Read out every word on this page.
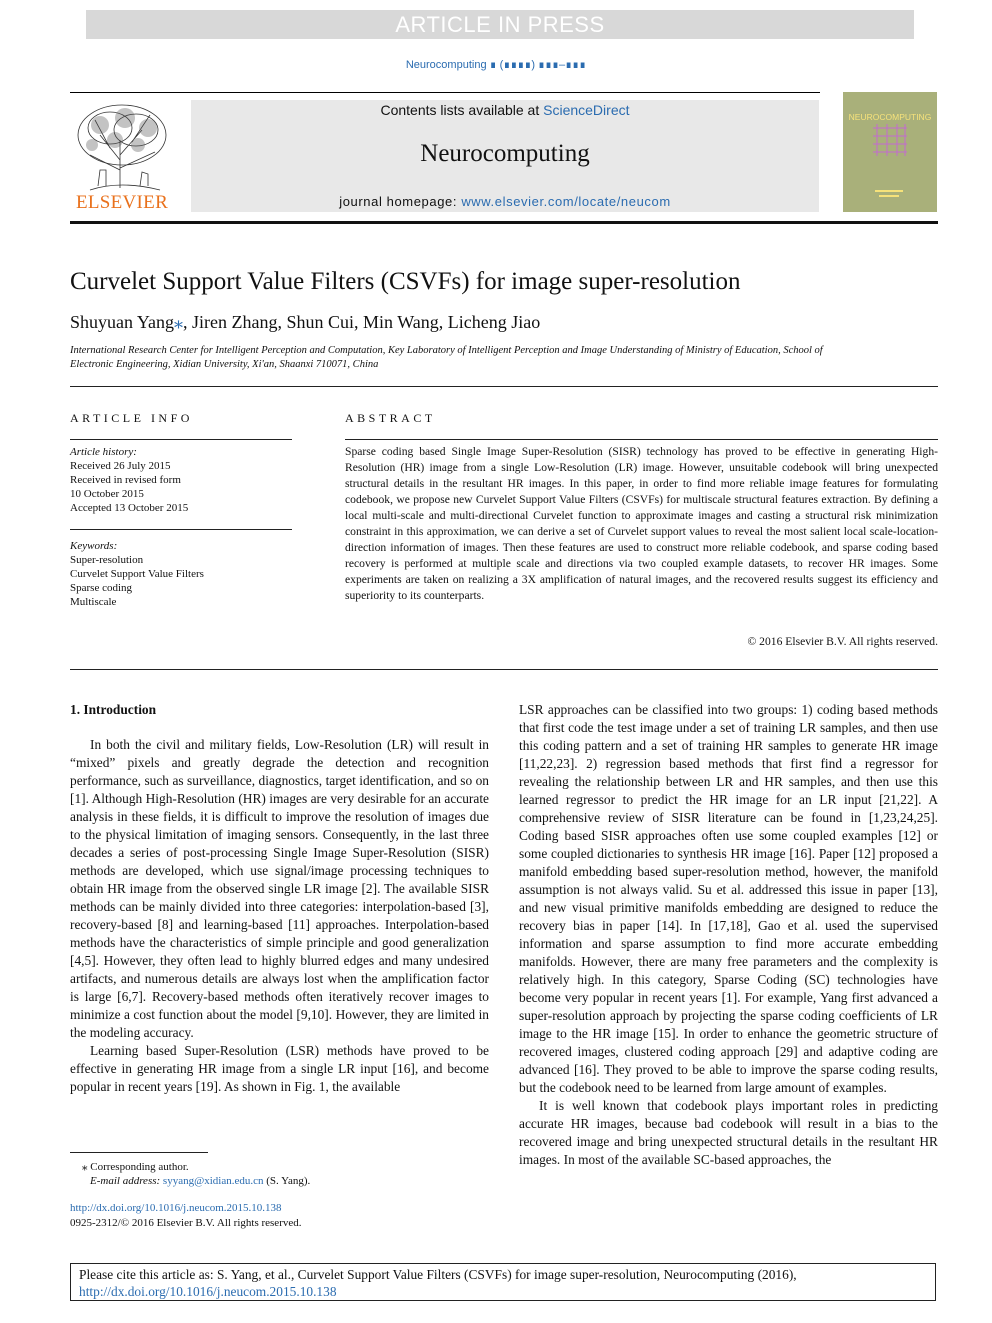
ARTICLE IN PRESS
Neurocomputing ∎ (∎∎∎∎) ∎∎∎–∎∎∎
ELSEVIER
Contents lists available at ScienceDirect
Neurocomputing
journal homepage: www.elsevier.com/locate/neucom
NEUROCOMPUTING
Curvelet Support Value Filters (CSVFs) for image super-resolution
Shuyuan Yang⁎, Jiren Zhang, Shun Cui, Min Wang, Licheng Jiao
International Research Center for Intelligent Perception and Computation, Key Laboratory of Intelligent Perception and Image Understanding of Ministry of Education, School of Electronic Engineering, Xidian University, Xi'an, Shaanxi 710071, China
ARTICLE INFO	ABSTRACT
Article history:
Received 26 July 2015
Received in revised form
10 October 2015
Accepted 13 October 2015
Keywords:
Super-resolution
Curvelet Support Value Filters
Sparse coding
Multiscale
Sparse coding based Single Image Super-Resolution (SISR) technology has proved to be effective in generating High-Resolution (HR) image from a single Low-Resolution (LR) image. However, unsuitable codebook will bring unexpected structural details in the resultant HR images. In this paper, in order to find more reliable image features for formulating codebook, we propose new Curvelet Support Value Filters (CSVFs) for multiscale structural features extraction. By defining a local multi-scale and multi-directional Curvelet function to approximate images and casting a structural risk minimization constraint in this approximation, we can derive a set of Curvelet support values to reveal the most salient local scale-location-direction information of images. Then these features are used to construct more reliable codebook, and sparse coding based recovery is performed at multiple scale and directions via two coupled example datasets, to recover HR images. Some experiments are taken on realizing a 3X amplification of natural images, and the recovered results suggest its efficiency and superiority to its counterparts.
© 2016 Elsevier B.V. All rights reserved.
1. Introduction

In both the civil and military fields, Low-Resolution (LR) will result in “mixed” pixels and greatly degrade the detection and recognition performance, such as surveillance, diagnostics, target identification, and so on [1]. Although High-Resolution (HR) images are very desirable for an accurate analysis in these fields, it is difficult to improve the resolution of images due to the physical limitation of imaging sensors. Consequently, in the last three decades a series of post-processing Single Image Super-Resolution (SISR) methods are developed, which use signal/image processing techniques to obtain HR image from the observed single LR image [2]. The available SISR methods can be mainly divided into three categories: interpolation-based [3], recovery-based [8] and learning-based [11] approaches. Interpolation-based methods have the characteristics of simple principle and good generalization [4,5]. However, they often lead to highly blurred edges and many undesired artifacts, and numerous details are always lost when the amplification factor is large [6,7]. Recovery-based methods often iteratively recover images to minimize a cost function about the model [9,10]. However, they are limited in the modeling accuracy.

Learning based Super-Resolution (LSR) methods have proved to be effective in generating HR image from a single LR input [16], and become popular in recent years [19]. As shown in Fig. 1, the available

LSR approaches can be classified into two groups: 1) coding based methods that first code the test image under a set of training LR samples, and then use this coding pattern and a set of training HR samples to generate HR image [11,22,23]. 2) regression based methods that first find a regressor for revealing the relationship between LR and HR samples, and then use this learned regressor to predict the HR image for an LR input [21,22]. A comprehensive review of SISR literature can be found in [1,23,24,25]. Coding based SISR approaches often use some coupled examples [12] or some coupled dictionaries to synthesis HR image [16]. Paper [12] proposed a manifold embedding based super-resolution method, however, the manifold assumption is not always valid. Su et al. addressed this issue in paper [13], and new visual primitive manifolds embedding are designed to reduce the recovery bias in paper [14]. In [17,18], Gao et al. used the supervised information and sparse assumption to find more accurate embedding manifolds. However, there are many free parameters and the complexity is relatively high. In this category, Sparse Coding (SC) technologies have become very popular in recent years [1]. For example, Yang first advanced a super-resolution approach by projecting the sparse coding coefficients of LR image to the HR image [15]. In order to enhance the geometric structure of recovered images, clustered coding approach [29] and adaptive coding are advanced [16]. They proved to be able to improve the sparse coding results, but the codebook need to be learned from large amount of examples.

It is well known that codebook plays important roles in predicting accurate HR images, because bad codebook will result in a bias to the recovered image and bring unexpected structural details in the resultant HR images. In most of the available SC-based approaches, the

⁎ Corresponding author.
E-mail address: syyang@xidian.edu.cn (S. Yang).
http://dx.doi.org/10.1016/j.neucom.2015.10.138
0925-2312/© 2016 Elsevier B.V. All rights reserved.
Please cite this article as: S. Yang, et al., Curvelet Support Value Filters (CSVFs) for image super-resolution, Neurocomputing (2016),
http://dx.doi.org/10.1016/j.neucom.2015.10.138
